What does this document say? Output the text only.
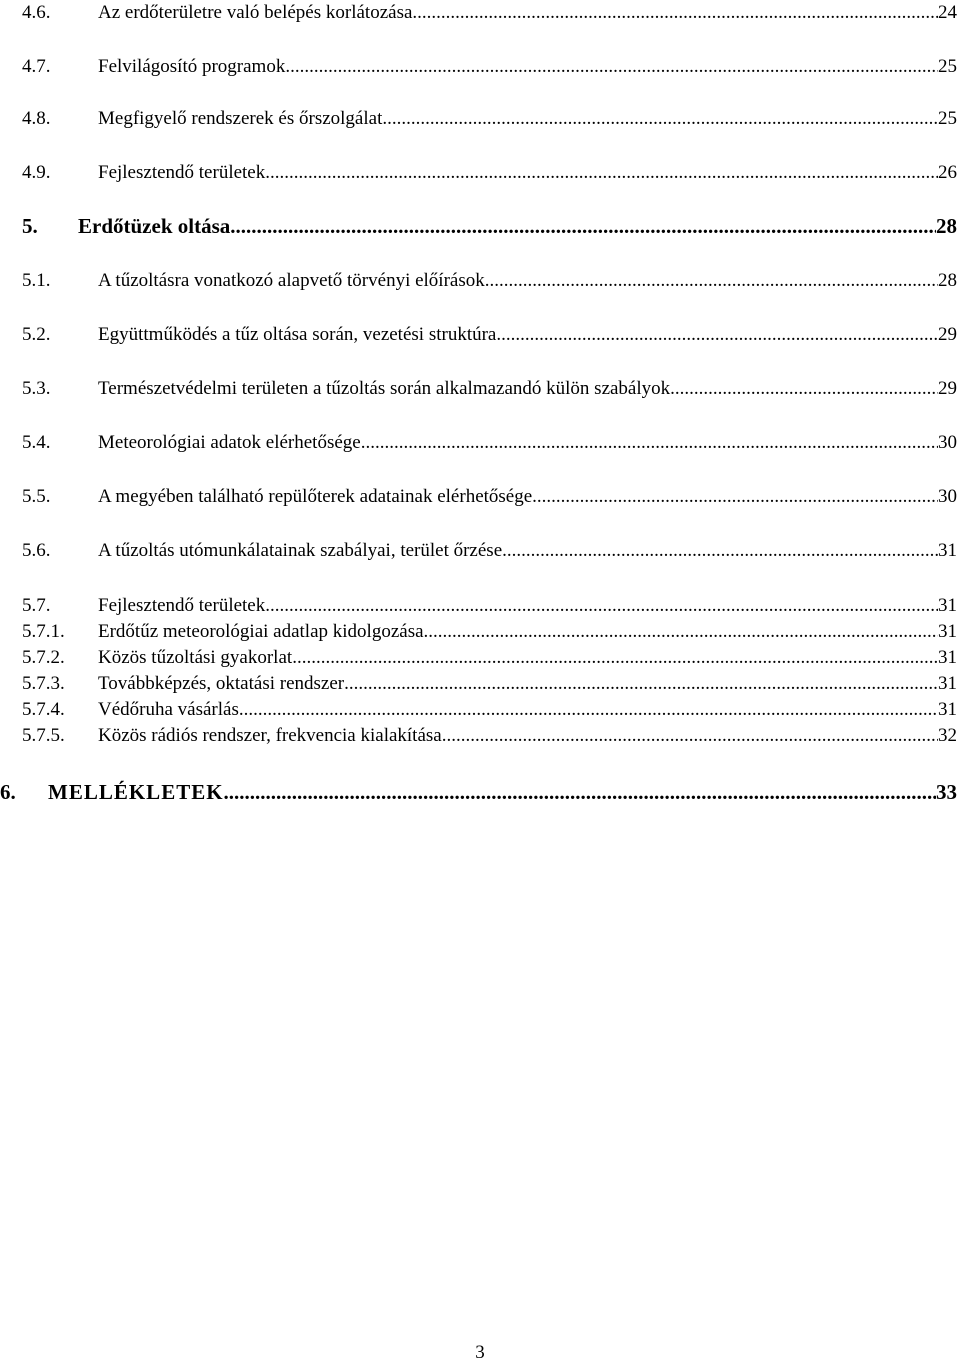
4.6.	Az erdőterületre való belépés korlátozása .....	24
4.7.	Felvilágosító programok .....	25
4.8.	Megfigyelő rendszerek és őrszolgálat .....	25
4.9.	Fejlesztendő területek .....	26
5. Erdőtüzek oltása .....	28
5.1.	A tűzoltásra vonatkozó alapvető törvényi előírások .....	28
5.2.	Együttműködés a tűz oltása során, vezetési struktúra .....	29
5.3.	Természetvédelmi területen a tűzoltás során alkalmazandó külön szabályok .....	29
5.4.	Meteorológiai adatok elérhetősége .....	30
5.5.	A megyében található repülőterek adatainak elérhetősége .....	30
5.6.	A tűzoltás utómunkálatainak szabályai, terület őrzése .....	31
5.7.	Fejlesztendő területek .....	31
5.7.1. Erdőtűz meteorológiai adatlap kidolgozása .....	31
5.7.2. Közös tűzoltási gyakorlat .....	31
5.7.3. Továbbképzés, oktatási rendszer .....	31
5.7.4. Védőruha vásárlás .....	31
5.7.5. Közös rádiós rendszer, frekvencia kialakítása .....	32
6. MELLÉKLETEK .....	33
3
